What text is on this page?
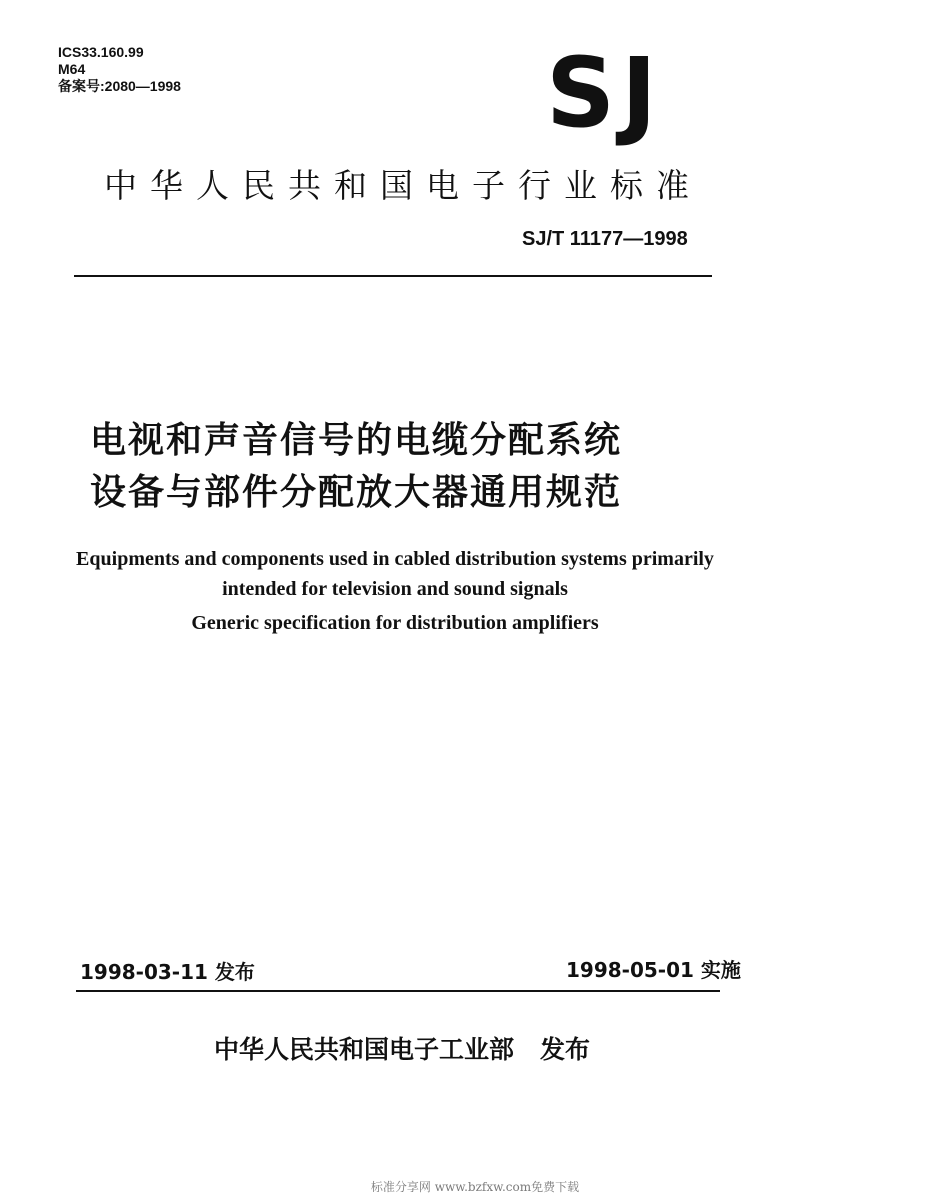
ICS33.160.99
M64
备案号:2080—1998	SJ
中华人民共和国电子行业标准
SJ/T 11177—1998
电视和声音信号的电缆分配系统
设备与部件分配放大器通用规范
Equipments and components used in cabled distribution systems primarily
intended for television and sound signals
Generic specification for distribution amplifiers
1998-03-11 发布	1998-05-01 实施
中华人民共和国电子工业部 发布
标准分享网 www.bzfxw.com免费下载
